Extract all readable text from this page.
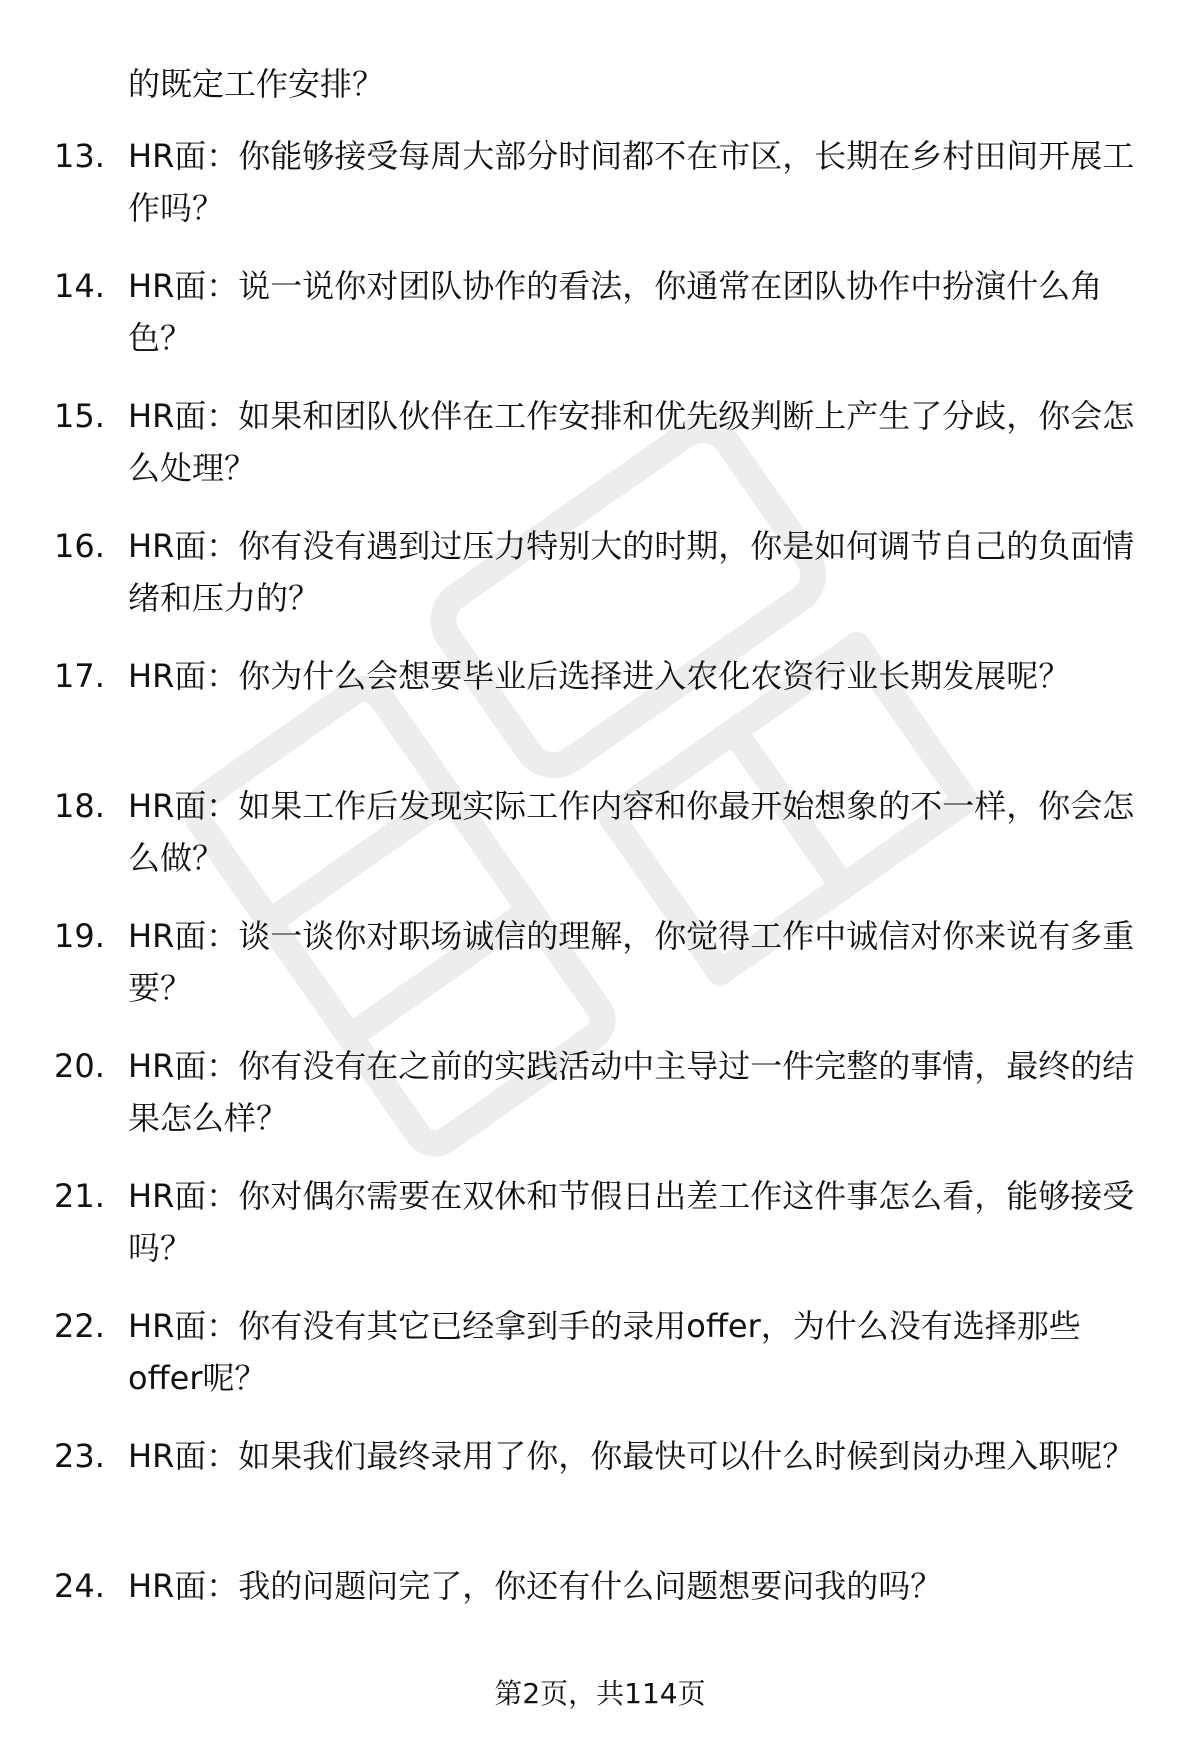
的既定工作安排？
13. HR面：你能够接受每周大部分时间都不在市区，长期在乡村田间开展工作吗？
14. HR面：说一说你对团队协作的看法，你通常在团队协作中扮演什么角色？
15. HR面：如果和团队伙伴在工作安排和优先级判断上产生了分歧，你会怎么处理？
16. HR面：你有没有遇到过压力特别大的时期，你是如何调节自己的负面情绪和压力的？
17. HR面：你为什么会想要毕业后选择进入农化农资行业长期发展呢？
18. HR面：如果工作后发现实际工作内容和你最开始想象的不一样，你会怎么做？
19. HR面：谈一谈你对职场诚信的理解，你觉得工作中诚信对你来说有多重要？
20. HR面：你有没有在之前的实践活动中主导过一件完整的事情，最终的结果怎么样？
21. HR面：你对偶尔需要在双休和节假日出差工作这件事怎么看，能够接受吗？
22. HR面：你有没有其它已经拿到手的录用offer，为什么没有选择那些offer呢？
23. HR面：如果我们最终录用了你，你最快可以什么时候到岗办理入职呢？
24. HR面：我的问题问完了，你还有什么问题想要问我的吗？
第2页，共114页
